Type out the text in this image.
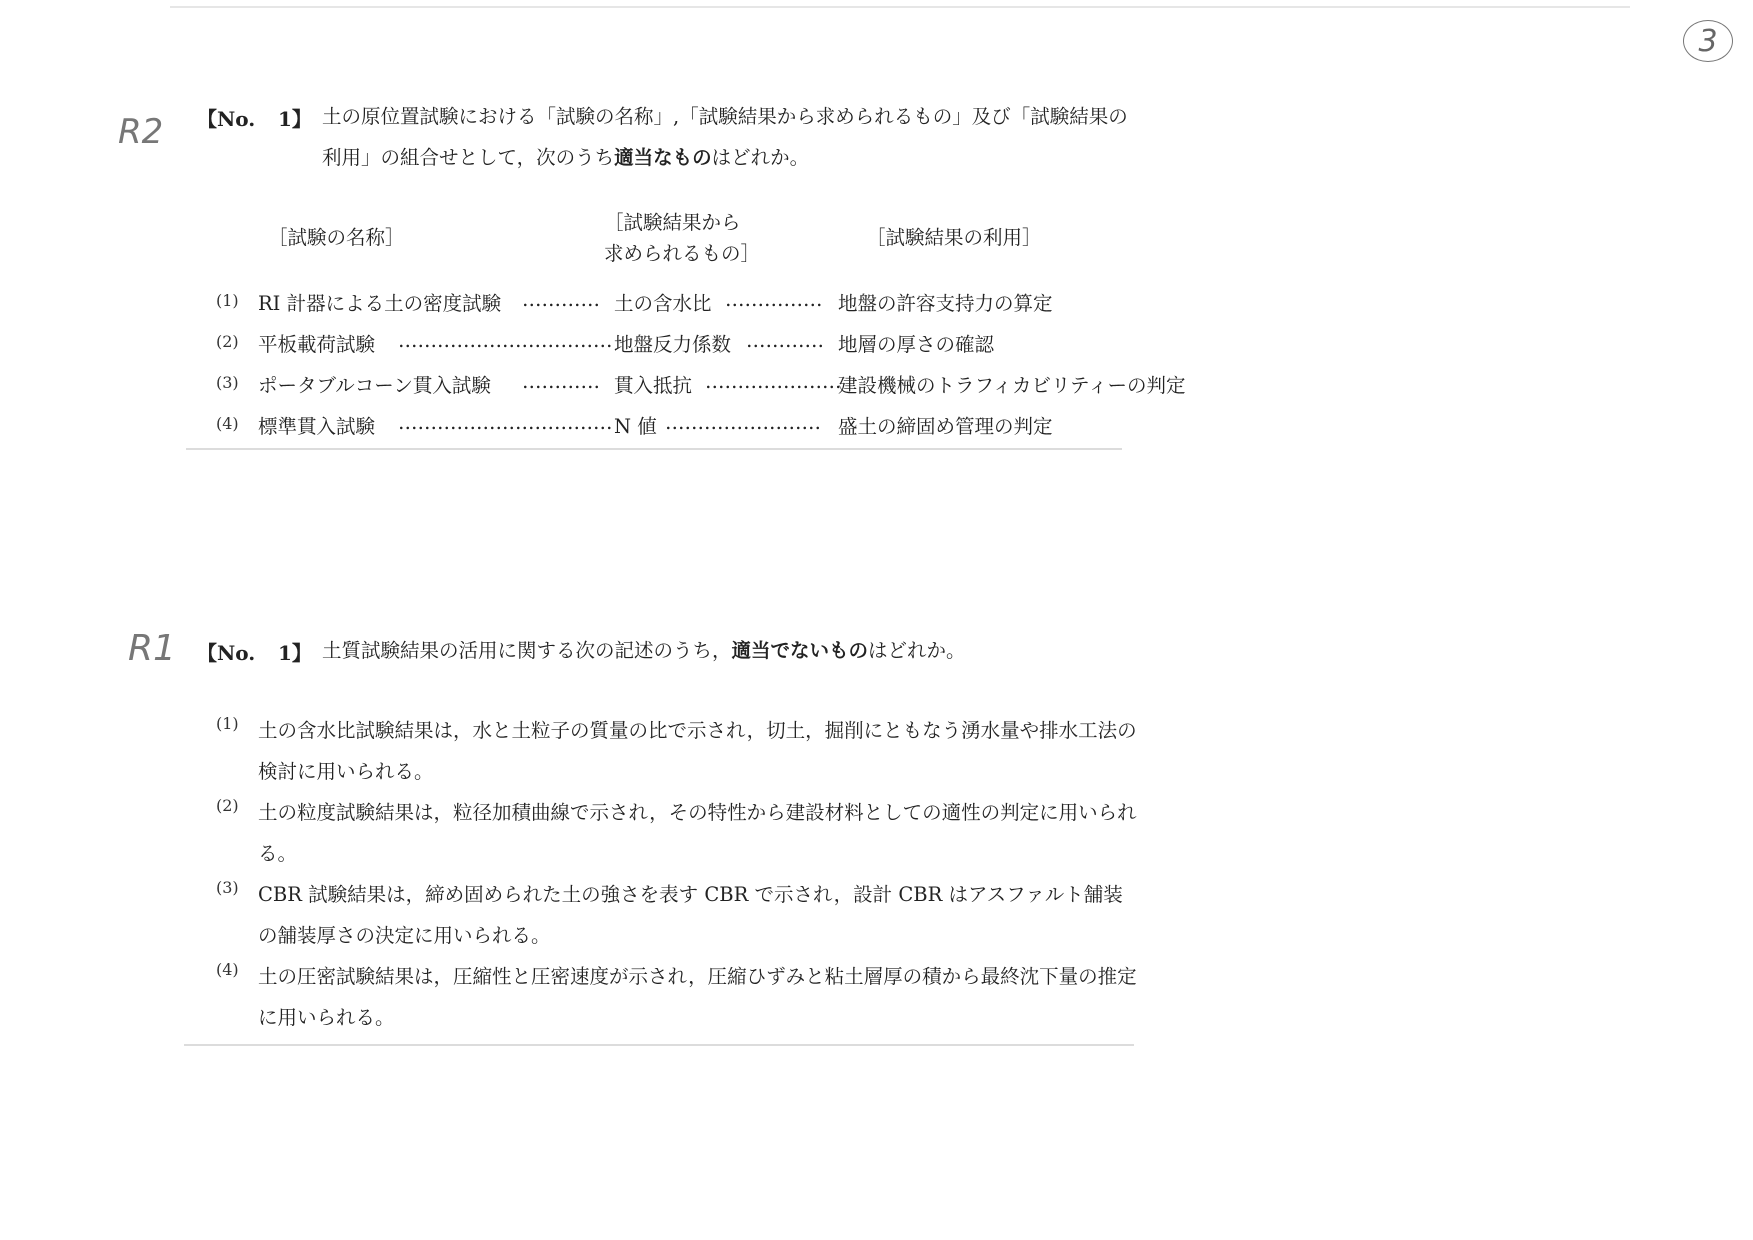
3
R2 【No. 1】 土の原位置試験における「試験の名称」,「試験結果から求められるもの」及び「試験結果の利用」の組合せとして，次のうち適当なものはどれか。
［試験の名称］
［試験結果から
求められるもの］
［試験結果の利用］
(1) RI 計器による土の密度試験 ………… 土の含水比 …………… 地盤の許容支持力の算定
(2) 平板載荷試験 …………………………… 地盤反力係数 ………… 地層の厚さの確認
(3) ポータブルコーン貫入試験 ………… 貫入抵抗 …………………
建設機械のトラフィカビリティーの判定
(4) 標準貫入試験 …………………………… N 値 …………………… 盛土の締固め管理の判定
R1 【No. 1】 土質試験結果の活用に関する次の記述のうち，適当でないものはどれか。
(1) 土の含水比試験結果は，水と土粒子の質量の比で示され，切土，掘削にともなう湧水量や排水工法の検討に用いられる。
(2) 土の粒度試験結果は，粒径加積曲線で示され，その特性から建設材料としての適性の判定に用いられる。
(3) CBR 試験結果は，締め固められた土の強さを表す CBR で示され，設計 CBR はアスファルト舗装の舗装厚さの決定に用いられる。
(4) 土の圧密試験結果は，圧縮性と圧密速度が示され，圧縮ひずみと粘土層厚の積から最終沈下量の推定に用いられる。
